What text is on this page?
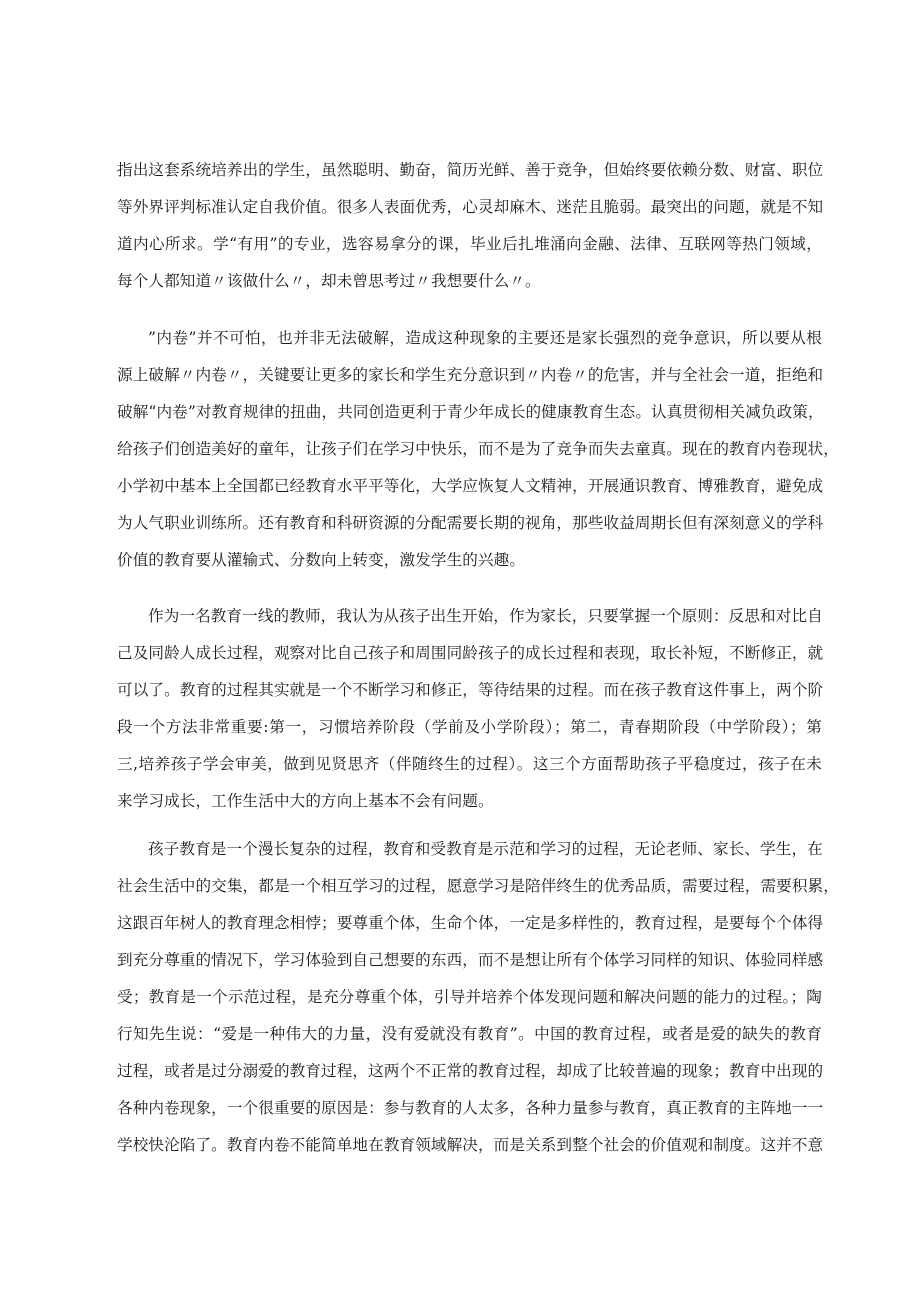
指出这套系统培养出的学生，虽然聪明、勤奋，简历光鲜、善于竞争，但始终要依赖分数、财富、职位
等外界评判标准认定自我价值。很多人表面优秀，心灵却麻木、迷茫且脆弱。最突出的问题，就是不知
道内心所求。学“有用”的专业，选容易拿分的课，毕业后扎堆涌向金融、法律、互联网等热门领域，
每个人都知道〃该做什么〃，却未曾思考过〃我想要什么〃。
”内卷”并不可怕，也并非无法破解，造成这种现象的主要还是家长强烈的竞争意识，所以要从根
源上破解〃内卷〃，关键要让更多的家长和学生充分意识到〃内卷〃的危害，并与全社会一道，拒绝和
破解“内卷”对教育规律的扭曲，共同创造更利于青少年成长的健康教育生态。认真贯彻相关减负政策，
给孩子们创造美好的童年，让孩子们在学习中快乐，而不是为了竞争而失去童真。现在的教育内卷现状，
小学初中基本上全国都已经教育水平平等化，大学应恢复人文精神，开展通识教育、博雅教育，避免成
为人气职业训练所。还有教育和科研资源的分配需要长期的视角，那些收益周期长但有深刻意义的学科
价值的教育要从灌输式、分数向上转变，激发学生的兴趣。
作为一名教育一线的教师，我认为从孩子出生开始，作为家长，只要掌握一个原则：反思和对比自
己及同龄人成长过程，观察对比自己孩子和周围同龄孩子的成长过程和表现，取长补短，不断修正，就
可以了。教育的过程其实就是一个不断学习和修正，等待结果的过程。而在孩子教育这件事上，两个阶
段一个方法非常重要:第一，习惯培养阶段（学前及小学阶段）；第二，青春期阶段（中学阶段）；第
三,培养孩子学会审美，做到见贤思齐（伴随终生的过程）。这三个方面帮助孩子平稳度过，孩子在未
来学习成长，工作生活中大的方向上基本不会有问题。
孩子教育是一个漫长复杂的过程，教育和受教育是示范和学习的过程，无论老师、家长、学生，在
社会生活中的交集，都是一个相互学习的过程，愿意学习是陪伴终生的优秀品质，需要过程，需要积累，
这跟百年树人的教育理念相悖；要尊重个体，生命个体，一定是多样性的，教育过程，是要每个个体得
到充分尊重的情况下，学习体验到自己想要的东西，而不是想让所有个体学习同样的知识、体验同样感
受；教育是一个示范过程，是充分尊重个体，引导并培养个体发现问题和解决问题的能力的过程。；陶
行知先生说：“爱是一种伟大的力量，没有爱就没有教育”。中国的教育过程，或者是爱的缺失的教育
过程，或者是过分溺爱的教育过程，这两个不正常的教育过程，却成了比较普遍的现象；教育中出现的
各种内卷现象，一个很重要的原因是：参与教育的人太多，各种力量参与教育，真正教育的主阵地一一
学校快沦陷了。教育内卷不能简单地在教育领域解决，而是关系到整个社会的价值观和制度。这并不意
